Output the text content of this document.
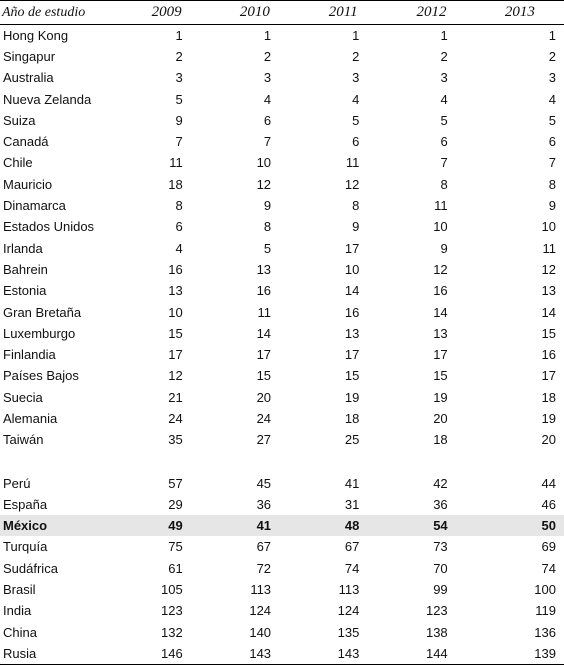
Año de estudio	2009	2010	2011	2012	2013
Hong Kong	1	1	1	1	1
Singapur	2	2	2	2	2
Australia	3	3	3	3	3
Nueva Zelanda	5	4	4	4	4
Suiza	9	6	5	5	5
Canadá	7	7	6	6	6
Chile	11	10	11	7	7
Mauricio	18	12	12	8	8
Dinamarca	8	9	8	11	9
Estados Unidos	6	8	9	10	10
Irlanda	4	5	17	9	11
Bahrein	16	13	10	12	12
Estonia	13	16	14	16	13
Gran Bretaña	10	11	16	14	14
Luxemburgo	15	14	13	13	15
Finlandia	17	17	17	17	16
Países Bajos	12	15	15	15	17
Suecia	21	20	19	19	18
Alemania	24	24	18	20	19
Taiwán	35	27	25	18	20

Perú	57	45	41	42	44
España	29	36	31	36	46
México	49	41	48	54	50
Turquía	75	67	67	73	69
Sudáfrica	61	72	74	70	74
Brasil	105	113	113	99	100
India	123	124	124	123	119
China	132	140	135	138	136
Rusia	146	143	143	144	139
